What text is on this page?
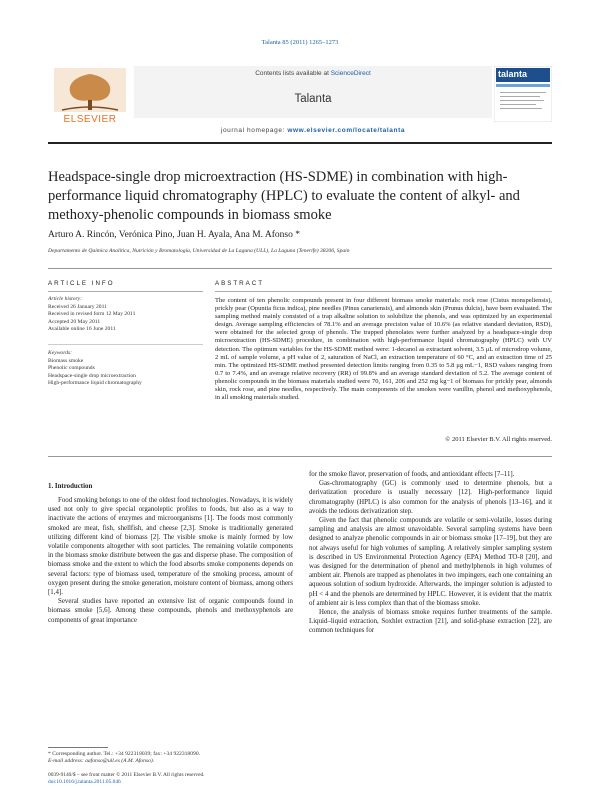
Talanta 85 (2011) 1265–1273
ELSEVIER
Contents lists available at ScienceDirect
Talanta
talanta
journal homepage: www.elsevier.com/locate/talanta
Headspace-single drop microextraction (HS-SDME) in combination with high-performance liquid chromatography (HPLC) to evaluate the content of alkyl- and methoxy-phenolic compounds in biomass smoke
Arturo A. Rincón, Verónica Pino, Juan H. Ayala, Ana M. Afonso *
Departamento de Química Analítica, Nutrición y Bromatología, Universidad de La Laguna (ULL), La Laguna (Tenerife) 38206, Spain
ARTICLE INFO
Article history:
Received 26 January 2011
Received in revised form 12 May 2011
Accepted 20 May 2011
Available online 16 June 2011
Keywords:
Biomass smoke
Phenolic compounds
Headspace-single drop microextraction
High-performance liquid chromatography
ABSTRACT
The content of ten phenolic compounds present in four different biomass smoke materials: rock rose (Cistus monspeliensis), prickly pear (Opuntia ficus indica), pine needles (Pinus canariensis), and almonds skin (Prunus dulcis), have been evaluated. The sampling method mainly consisted of a trap alkaline solution to solubilize the phenols, and was optimized by an experimental design. Average sampling efficiencies of 78.1% and an average precision value of 10.6% (as relative standard deviation, RSD), were obtained for the selected group of phenols. The trapped phenolates were further analyzed by a headspace-single drop microextraction (HS-SDME) procedure, in combination with high-performance liquid chromatography (HPLC) with UV detection. The optimum variables for the HS-SDME method were: 1-decanol as extractant solvent, 3.5 μL of microdrop volume, 2 mL of sample volume, a pH value of 2, saturation of NaCl, an extraction temperature of 60 °C, and an extraction time of 25 min. The optimized HS-SDME method presented detection limits ranging from 0.35 to 5.8 μg mL−1, RSD values ranging from 0.7 to 7.4%, and an average relative recovery (RR) of 99.8% and an average standard deviation of 5.2. The average content of phenolic compounds in the biomass materials studied were 70, 161, 206 and 252 mg kg−1 of biomass for prickly pear, almonds skin, rock rose, and pine needles, respectively. The main components of the smokes were vanillin, phenol and methoxyphenols, in all smoking materials studied.
© 2011 Elsevier B.V. All rights reserved.
1. Introduction

Food smoking belongs to one of the oldest food technologies. Nowadays, it is widely used not only to give special organoleptic profiles to foods, but also as a way to inactivate the actions of enzymes and microorganisms [1]. The foods most commonly smoked are meat, fish, shellfish, and cheese [2,3]. Smoke is traditionally generated utilizing different kind of biomass [2]. The visible smoke is mainly formed by low volatile components altogether with soot particles. The remaining volatile components in the biomass smoke distribute between the gas and disperse phase. The composition of biomass smoke and the extent to which the food absorbs smoke components depends on several factors: type of biomass used, temperature of the smoking process, amount of oxygen present during the smoke generation, moisture content of biomass, among others [1,4].

Several studies have reported an extensive list of organic compounds found in biomass smoke [5,6]. Among these compounds, phenols and methoxyphenols are components of great importance

for the smoke flavor, preservation of foods, and antioxidant effects [7–11].

Gas-chromatography (GC) is commonly used to determine phenols, but a derivatization procedure is usually necessary [12]. High-performance liquid chromatography (HPLC) is also common for the analysis of phenols [13–16], and it avoids the tedious derivatization step.

Given the fact that phenolic compounds are volatile or semi-volatile, losses during sampling and analysis are almost unavoidable. Several sampling systems have been designed to analyze phenolic compounds in air or biomass smoke [17–19], but they are not always useful for high volumes of sampling. A relatively simpler sampling system is described in US Environmental Protection Agency (EPA) Method TO-8 [20], and was designed for the determination of phenol and methylphenols in high volumes of ambient air. Phenols are trapped as phenolates in two impingers, each one containing an aqueous solution of sodium hydroxide. Afterwards, the impinger solution is adjusted to pH < 4 and the phenols are determined by HPLC. However, it is evident that the matrix of ambient air is less complex than that of the biomass smoke.

Hence, the analysis of biomass smoke requires further treatments of the sample. Liquid–liquid extraction, Soxhlet extraction [21], and solid-phase extraction [22], are common techniques for

* Corresponding author. Tel.: +34 922318039; fax: +34 922318090.
E-mail address: aafonso@ull.es (A.M. Afonso).
0039-9140/$ – see front matter © 2011 Elsevier B.V. All rights reserved.
doi:10.1016/j.talanta.2011.05.046
